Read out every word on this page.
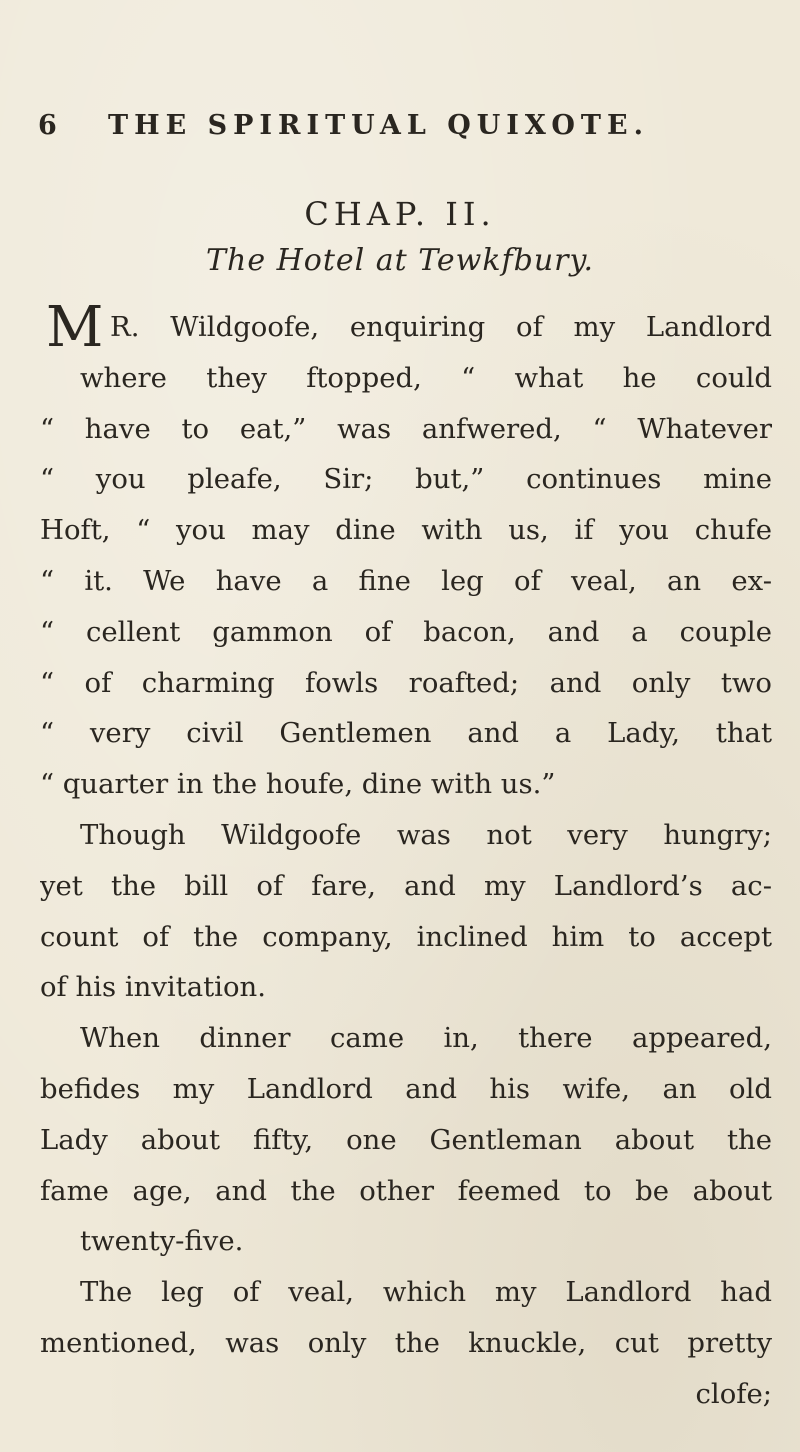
6 THE SPIRITUAL QUIXOTE.
CHAP. II.
The Hotel at Tewkfbury.
M R. Wildgoofe, enquiring of my Landlord
where they ftopped, “ what he could
“ have to eat,” was anfwered, “ Whatever
“ you pleafe, Sir; but,” continues mine
Hoft, “ you may dine with us, if you chufe
“ it. We have a fine leg of veal, an ex-
“ cellent gammon of bacon, and a couple
“ of charming fowls roafted; and only two
“ very civil Gentlemen and a Lady, that
“ quarter in the houfe, dine with us.”
Though Wildgoofe was not very hungry;
yet the bill of fare, and my Landlord’s ac-
count of the company, inclined him to accept
of his invitation.
When dinner came in, there appeared,
befides my Landlord and his wife, an old
Lady about fifty, one Gentleman about the
fame age, and the other feemed to be about
twenty-five.
The leg of veal, which my Landlord had
mentioned, was only the knuckle, cut pretty
clofe;
